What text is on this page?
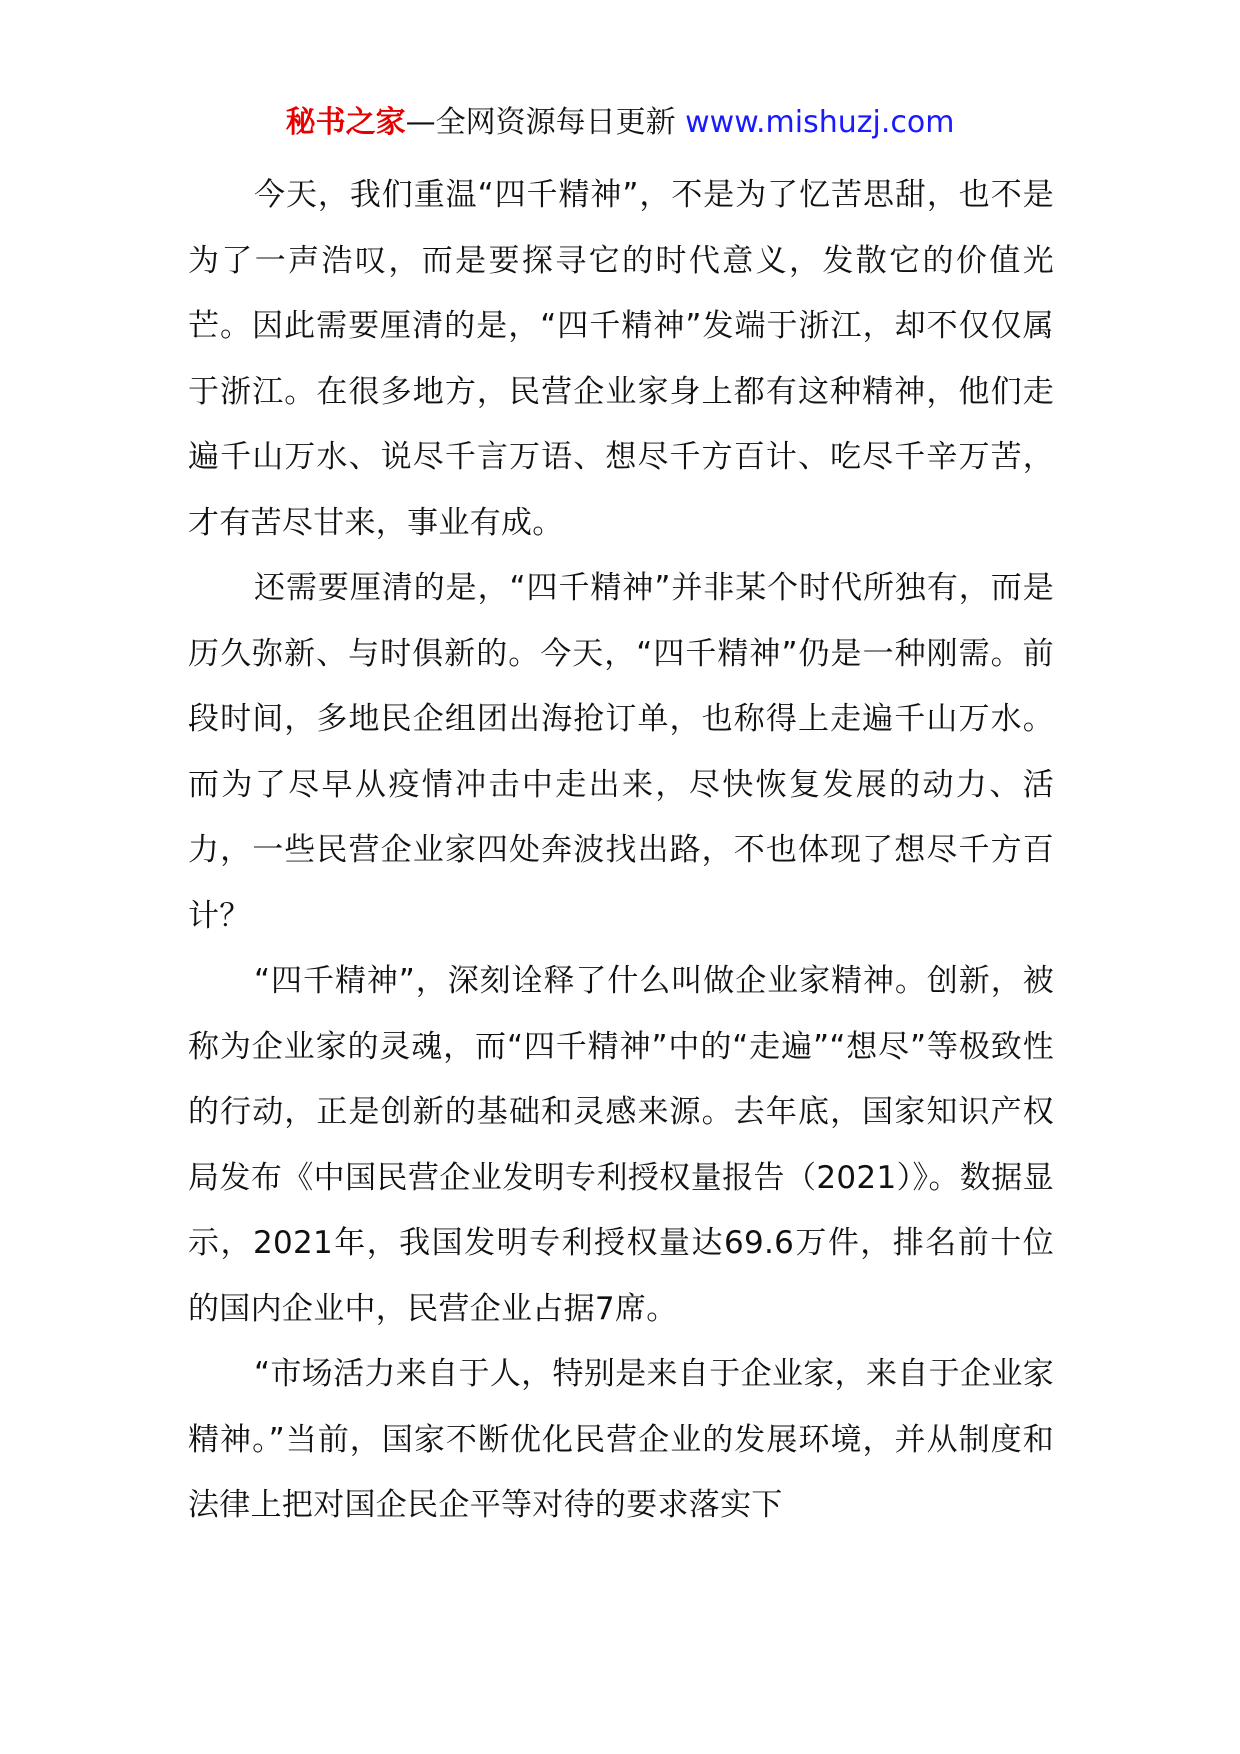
秘书之家—全网资源每日更新 www.mishuzj.com

今天，我们重温“四千精神”，不是为了忆苦思甜，也不是为了一声浩叹，而是要探寻它的时代意义，发散它的价值光芒。因此需要厘清的是，“四千精神”发端于浙江，却不仅仅属于浙江。在很多地方，民营企业家身上都有这种精神，他们走遍千山万水、说尽千言万语、想尽千方百计、吃尽千辛万苦，才有苦尽甘来，事业有成。

还需要厘清的是，“四千精神”并非某个时代所独有，而是历久弥新、与时俱新的。今天，“四千精神”仍是一种刚需。前段时间，多地民企组团出海抢订单，也称得上走遍千山万水。而为了尽早从疫情冲击中走出来，尽快恢复发展的动力、活力，一些民营企业家四处奔波找出路，不也体现了想尽千方百计？

“四千精神”，深刻诠释了什么叫做企业家精神。创新，被称为企业家的灵魂，而“四千精神”中的“走遍”“想尽”等极致性的行动，正是创新的基础和灵感来源。去年底，国家知识产权局发布《中国民营企业发明专利授权量报告（2021）》。数据显示，2021年，我国发明专利授权量达69.6万件，排名前十位的国内企业中，民营企业占据7席。

“市场活力来自于人，特别是来自于企业家，来自于企业家精神。”当前，国家不断优化民营企业的发展环境，并从制度和法律上把对国企民企平等对待的要求落实下
